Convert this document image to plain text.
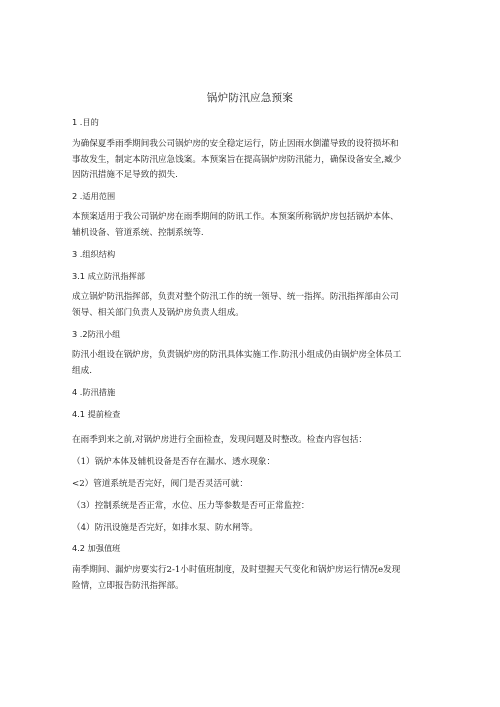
锅炉防汛应急预案
1 .目的
为确保夏季雨季期间我公司锅炉房的安全稳定运行，防止因雨水倒灌导致的设符损坏和
事故发生，制定本防汛应急饯案。本预案旨在提高锅炉房防汛能力，确保设备安全,臧少
因防汛措施不足导致的损失.
2 .适用范围
本预案适用于我公司锅炉房在雨季期间的防讯工作。本预案所称锅炉房包括锅炉本体、
辅机设备、管道系统、控制系统等.
3 .组织结构
3.1 成立防汛指挥部
成立锅炉防汛指挥部，负责对整个防汛工作的统一领导、统一指挥。防汛指挥部由公司
领导、相关部门负责人及锅炉房负责人组成。
3 .2防汛小组
防汛小组设在锅炉房，负责锅炉房的防汛具体实施工作.防汛小组成仍由锅炉房全体员工
组成.
4 .防汛措施
4.1 提前检查
在雨季到来之前,对锅炉房进行全面检查，发现问题及时整改。检查内容包括：
（1）锅炉本体及辅机设备是否存在漏水、透水现象：
<2）管道系统是否完好，阀门是否灵活可就：
（3）控制系统是否正常，水位、压力等参数是否可正常监控：
（4）防汛设施是否完好，如排水泵、防水闸等。
4.2 加强值班
南季期间、漏炉房要实行2-1小时值班制度，及时望握天气变化和锅炉房运行情况e发现
险情，立即报告防汛指挥部。
